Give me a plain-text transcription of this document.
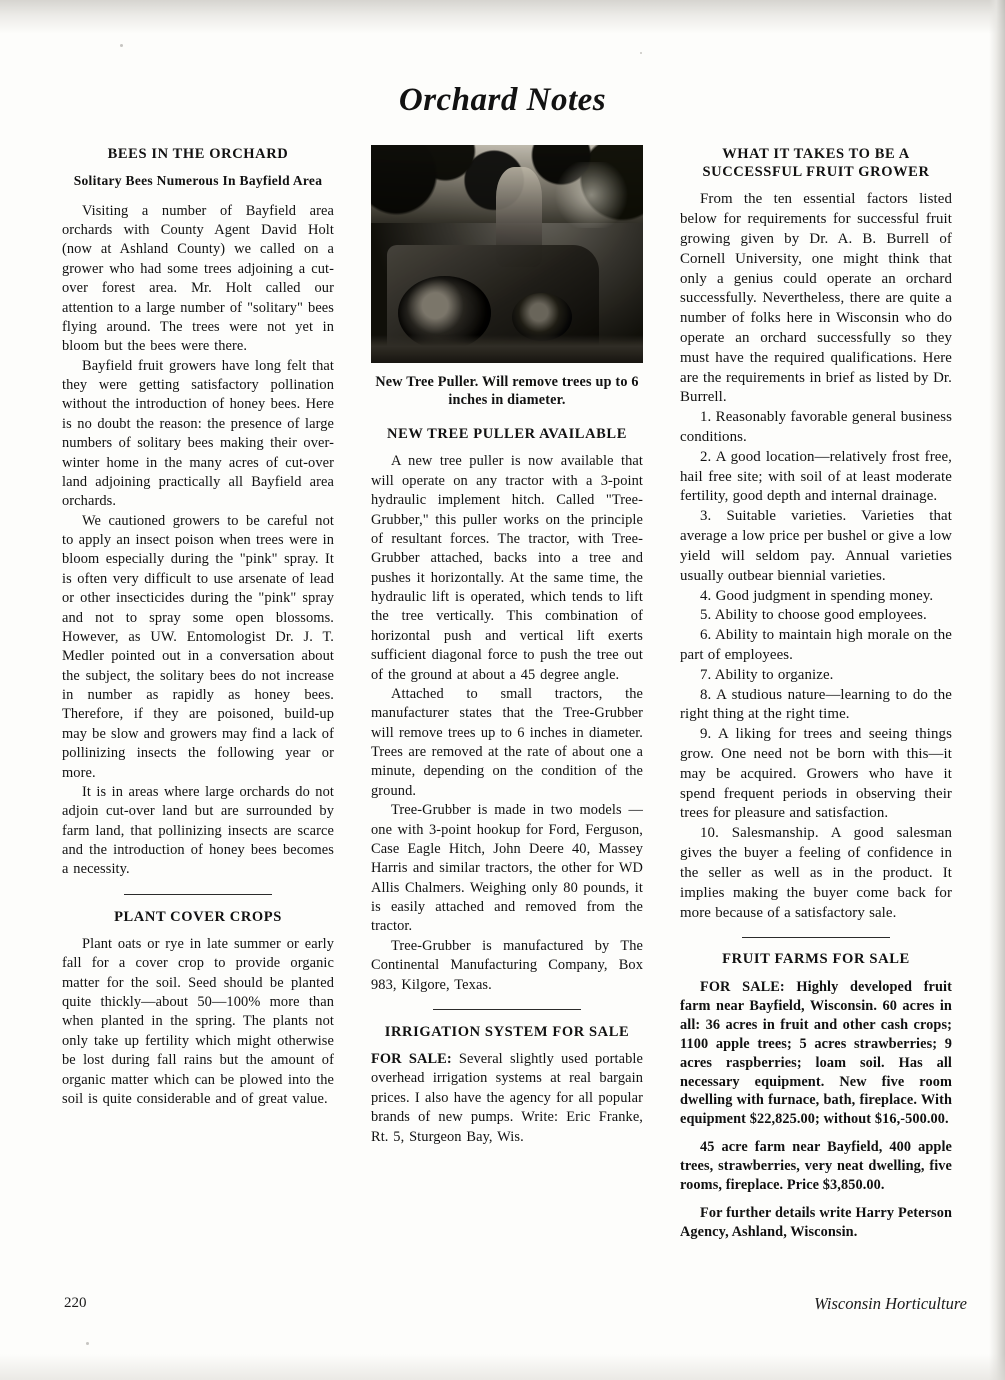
Orchard Notes
BEES IN THE ORCHARD
Solitary Bees Numerous In Bayfield Area

Visiting a number of Bayfield area orchards with County Agent David Holt (now at Ashland County) we called on a grower who had some trees adjoining a cut-over forest area. Mr. Holt called our attention to a large number of "solitary" bees flying around. The trees were not yet in bloom but the bees were there.

Bayfield fruit growers have long felt that they were getting satisfactory pollination without the introduction of honey bees. Here is no doubt the reason: the presence of large numbers of solitary bees making their over-winter home in the many acres of cut-over land adjoining practically all Bayfield area orchards.

We cautioned growers to be careful not to apply an insect poison when trees were in bloom especially during the "pink" spray. It is often very difficult to use arsenate of lead or other insecticides during the "pink" spray and not to spray some open blossoms. However, as UW. Entomologist Dr. J. T. Medler pointed out in a conversation about the subject, the solitary bees do not increase in number as rapidly as honey bees. Therefore, if they are poisoned, build-up may be slow and growers may find a lack of pollinizing insects the following year or more.

It is in areas where large orchards do not adjoin cut-over land but are surrounded by farm land, that pollinizing insects are scarce and the introduction of honey bees becomes a necessity.

PLANT COVER CROPS

Plant oats or rye in late summer or early fall for a cover crop to provide organic matter for the soil. Seed should be planted quite thickly—about 50—100% more than when planted in the spring. The plants not only take up fertility which might otherwise be lost during fall rains but the amount of organic matter which can be plowed into the soil is quite considerable and of great value.

New Tree Puller. Will remove trees up to 6 inches in diameter.
NEW TREE PULLER AVAILABLE

A new tree puller is now available that will operate on any tractor with a 3-point hydraulic implement hitch. Called "Tree-Grubber," this puller works on the principle of resultant forces. The tractor, with Tree-Grubber attached, backs into a tree and pushes it horizontally. At the same time, the hydraulic lift is operated, which tends to lift the tree vertically. This combination of horizontal push and vertical lift exerts sufficient diagonal force to push the tree out of the ground at about a 45 degree angle.

Attached to small tractors, the manufacturer states that the Tree-Grubber will remove trees up to 6 inches in diameter. Trees are removed at the rate of about one a minute, depending on the condition of the ground.

Tree-Grubber is made in two models —one with 3-point hookup for Ford, Ferguson, Case Eagle Hitch, John Deere 40, Massey Harris and similar tractors, the other for WD Allis Chalmers. Weighing only 80 pounds, it is easily attached and removed from the tractor.

Tree-Grubber is manufactured by The Continental Manufacturing Company, Box 983, Kilgore, Texas.

IRRIGATION SYSTEM FOR SALE

FOR SALE: Several slightly used portable overhead irrigation systems at real bargain prices. I also have the agency for all popular brands of new pumps. Write: Eric Franke, Rt. 5, Sturgeon Bay, Wis.

WHAT IT TAKES TO BE A SUCCESSFUL FRUIT GROWER

From the ten essential factors listed below for requirements for successful fruit growing given by Dr. A. B. Burrell of Cornell University, one might think that only a genius could operate an orchard successfully. Nevertheless, there are quite a number of folks here in Wisconsin who do operate an orchard successfully so they must have the required qualifications. Here are the requirements in brief as listed by Dr. Burrell.

1. Reasonably favorable general business conditions.

2. A good location—relatively frost free, hail free site; with soil of at least moderate fertility, good depth and internal drainage.

3. Suitable varieties. Varieties that average a low price per bushel or give a low yield will seldom pay. Annual varieties usually outbear biennial varieties.

4. Good judgment in spending money.

5. Ability to choose good employees.

6. Ability to maintain high morale on the part of employees.

7. Ability to organize.

8. A studious nature—learning to do the right thing at the right time.

9. A liking for trees and seeing things grow. One need not be born with this—it may be acquired. Growers who have it spend frequent periods in observing their trees for pleasure and satisfaction.

10. Salesmanship. A good salesman gives the buyer a feeling of confidence in the seller as well as in the product. It implies making the buyer come back for more because of a satisfactory sale.

FRUIT FARMS FOR SALE

FOR SALE: Highly developed fruit farm near Bayfield, Wisconsin. 60 acres in all: 36 acres in fruit and other cash crops; 1100 apple trees; 5 acres strawberries; 9 acres raspberries; loam soil. Has all necessary equipment. New five room dwelling with furnace, bath, fireplace. With equipment $22,825.00; without $16,-500.00.

45 acre farm near Bayfield, 400 apple trees, strawberries, very neat dwelling, five rooms, fireplace. Price $3,850.00.

For further details write Harry Peterson Agency, Ashland, Wisconsin.

220	Wisconsin Horticulture
